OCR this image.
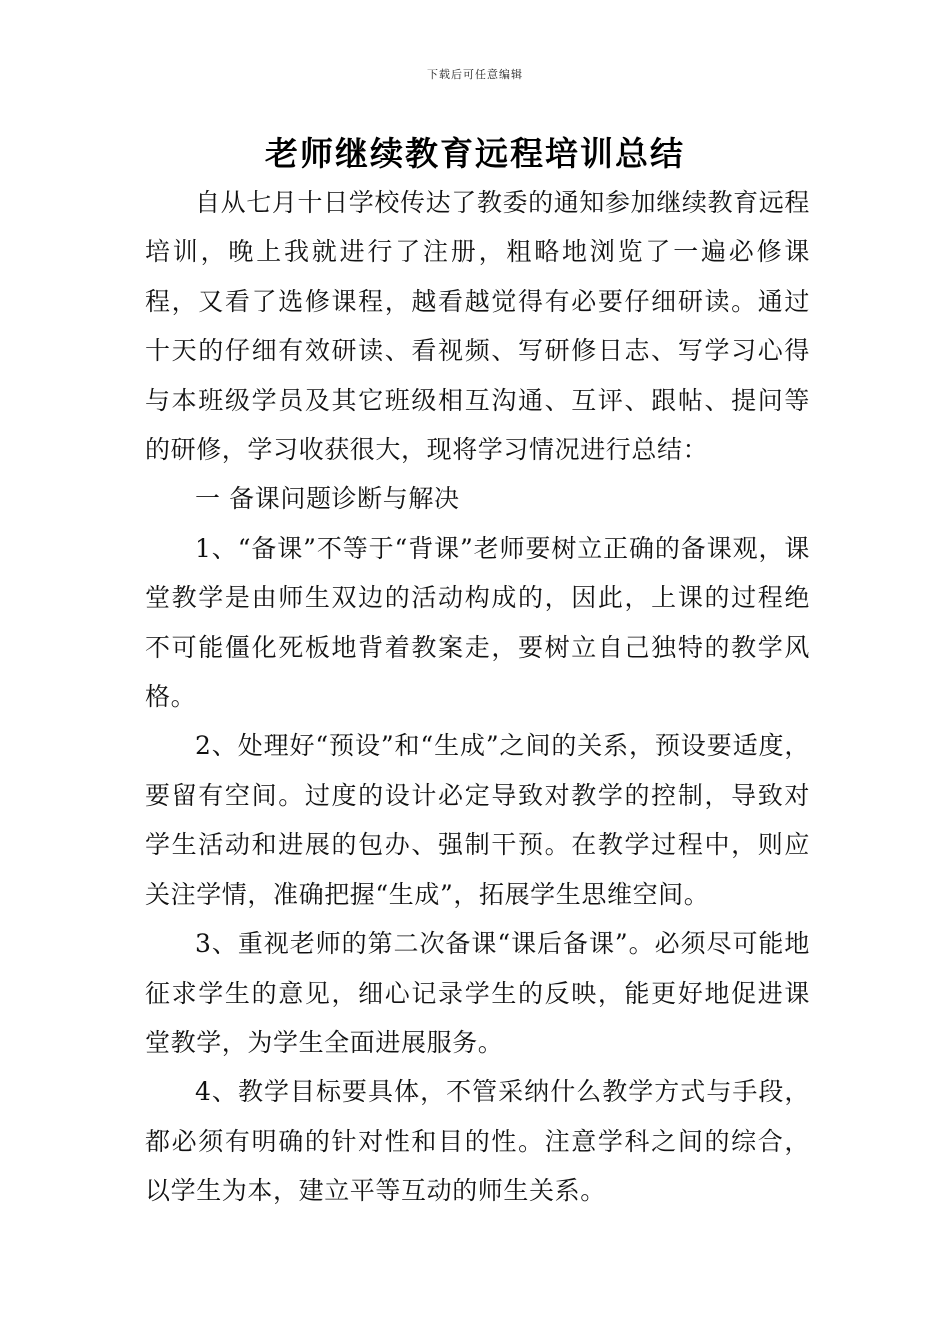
下载后可任意编辑
老师继续教育远程培训总结

自从七月十日学校传达了教委的通知参加继续教育远程培训，晚上我就进行了注册，粗略地浏览了一遍必修课程，又看了选修课程，越看越觉得有必要仔细研读。通过十天的仔细有效研读、看视频、写研修日志、写学习心得与本班级学员及其它班级相互沟通、互评、跟帖、提问等的研修，学习收获很大，现将学习情况进行总结：

一 备课问题诊断与解决

1、“备课”不等于“背课”老师要树立正确的备课观，课堂教学是由师生双边的活动构成的，因此，上课的过程绝不可能僵化死板地背着教案走，要树立自己独特的教学风格。

2、处理好“预设”和“生成”之间的关系，预设要适度，要留有空间。过度的设计必定导致对教学的控制，导致对学生活动和进展的包办、强制干预。在教学过程中，则应关注学情，准确把握“生成”，拓展学生思维空间。

3、重视老师的第二次备课“课后备课”。必须尽可能地征求学生的意见，细心记录学生的反映，能更好地促进课堂教学，为学生全面进展服务。

4、教学目标要具体，不管采纳什么教学方式与手段，都必须有明确的针对性和目的性。注意学科之间的综合，以学生为本，建立平等互动的师生关系。
